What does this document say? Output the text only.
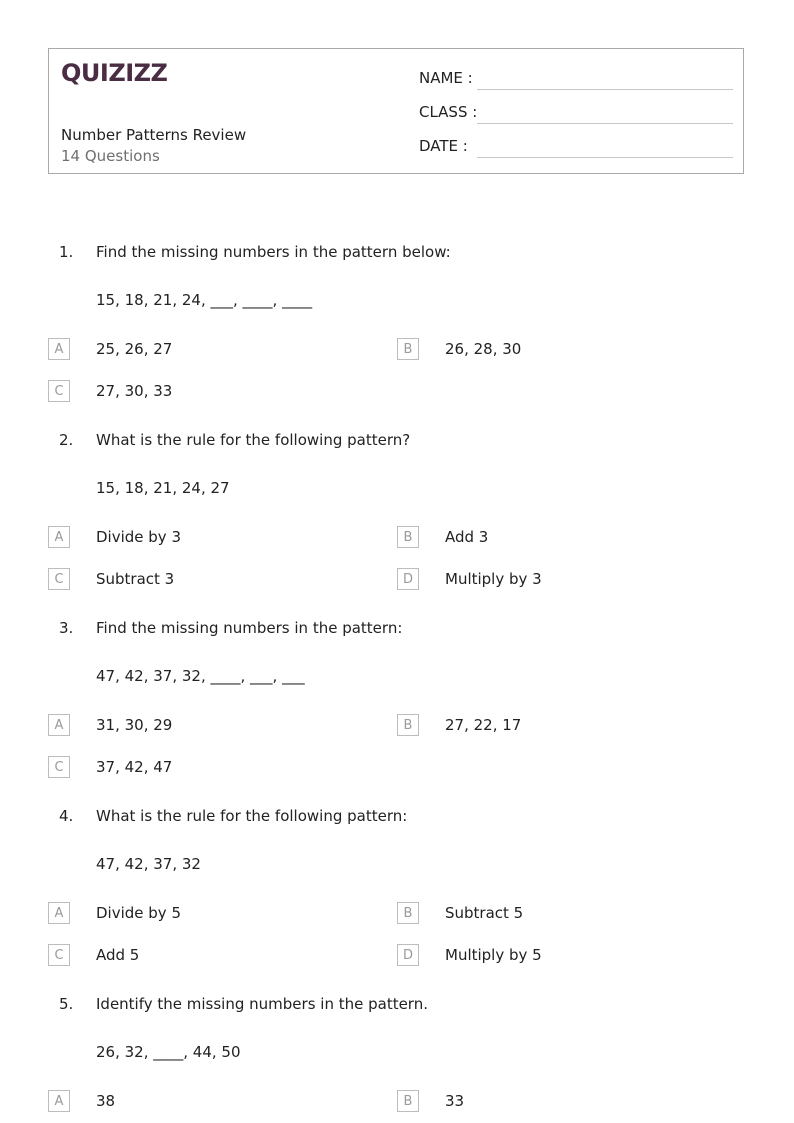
QUIZIZZ
Number Patterns Review
14 Questions
NAME :
CLASS :
DATE :
1. Find the missing numbers in the pattern below:
15, 18, 21, 24, ___, ____, ____
A	25, 26, 27	B	26, 28, 30
C	27, 30, 33
2. What is the rule for the following pattern?
15, 18, 21, 24, 27
A	Divide by 3	B	Add 3
C	Subtract 3	D	Multiply by 3
3. Find the missing numbers in the pattern:
47, 42, 37, 32, ____, ___, ___
A	31, 30, 29	B	27, 22, 17
C	37, 42, 47
4. What is the rule for the following pattern:
47, 42, 37, 32
A	Divide by 5	B	Subtract 5
C	Add 5	D	Multiply by 5
5. Identify the missing numbers in the pattern.
26, 32, ____, 44, 50
A	38	B	33
